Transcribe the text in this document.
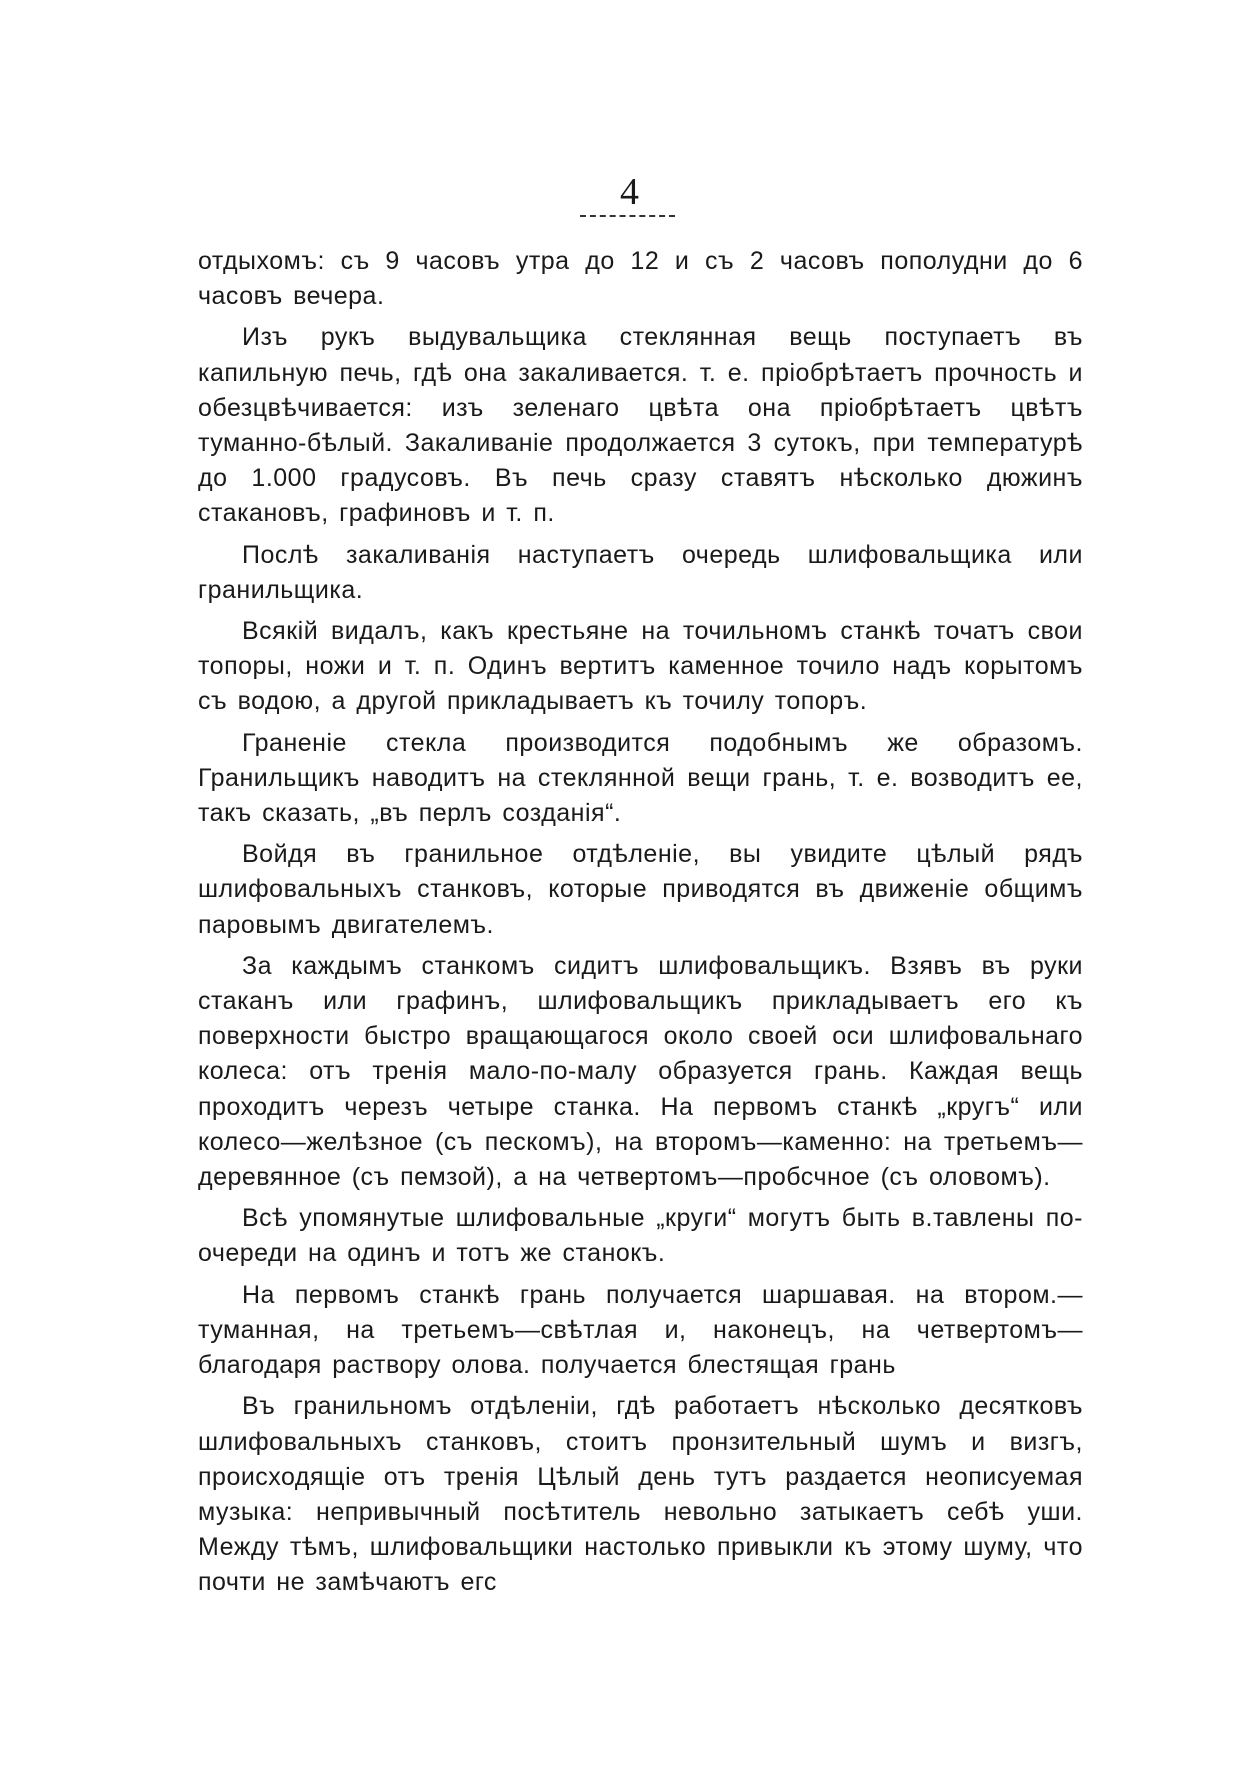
4

отдыхомъ: съ 9 часовъ утра до 12 и съ 2 часовъ пополудни до 6 часовъ вечера.

Изъ рукъ выдувальщика стеклянная вещь поступаетъ въ капильную печь, гдѣ она закаливается. т. е. пріобрѣтаетъ прочность и обезцвѣчивается: изъ зеленаго цвѣта она пріобрѣтаетъ цвѣтъ туманно-бѣлый. Закаливаніе продолжается 3 сутокъ, при температурѣ до 1.000 градусовъ. Въ печь сразу ставятъ нѣсколько дюжинъ стакановъ, графиновъ и т. п.

Послѣ закаливанія наступаетъ очередь шлифовальщика или гранильщика.

Всякій видалъ, какъ крестьяне на точильномъ станкѣ точатъ свои топоры, ножи и т. п. Одинъ вертитъ каменное точило надъ корытомъ съ водою, а другой прикладываетъ къ точилу топоръ.

Граненіе стекла производится подобнымъ же образомъ. Гранильщикъ наводитъ на стеклянной вещи грань, т. е. возводитъ ее, такъ сказать, „въ перлъ созданія“.

Войдя въ гранильное отдѣленіе, вы увидите цѣлый рядъ шлифовальныхъ станковъ, которые приводятся въ движеніе общимъ паровымъ двигателемъ.

За каждымъ станкомъ сидитъ шлифовальщикъ. Взявъ въ руки стаканъ или графинъ, шлифовальщикъ прикладываетъ его къ поверхности быстро вращающагося около своей оси шлифовальнаго колеса: отъ тренія мало-по-малу образуется грань. Каждая вещь проходитъ черезъ четыре станка. На первомъ станкѣ „кругъ“ или колесо—желѣзное (съ пескомъ), на второмъ—каменно: на третьемъ—деревянное (съ пемзой), а на четвертомъ—пробсчное (съ оловомъ).

Всѣ упомянутые шлифовальные „круги“ могутъ быть в.тавлены по-очереди на одинъ и тотъ же станокъ.

На первомъ станкѣ грань получается шаршавая. на втором.— туманная, на третьемъ—свѣтлая и, наконецъ, на четвертомъ— благодаря раствору олова. получается блестящая грань

Въ гранильномъ отдѣленіи, гдѣ работаетъ нѣсколько десятковъ шлифовальныхъ станковъ, стоитъ пронзительный шумъ и визгъ, происходящіе отъ тренія Цѣлый день тутъ раздается неописуемая музыка: непривычный посѣтитель невольно затыкаетъ себѣ уши. Между тѣмъ, шлифовальщики настолько привыкли къ этому шуму, что почти не замѣчаютъ егс
